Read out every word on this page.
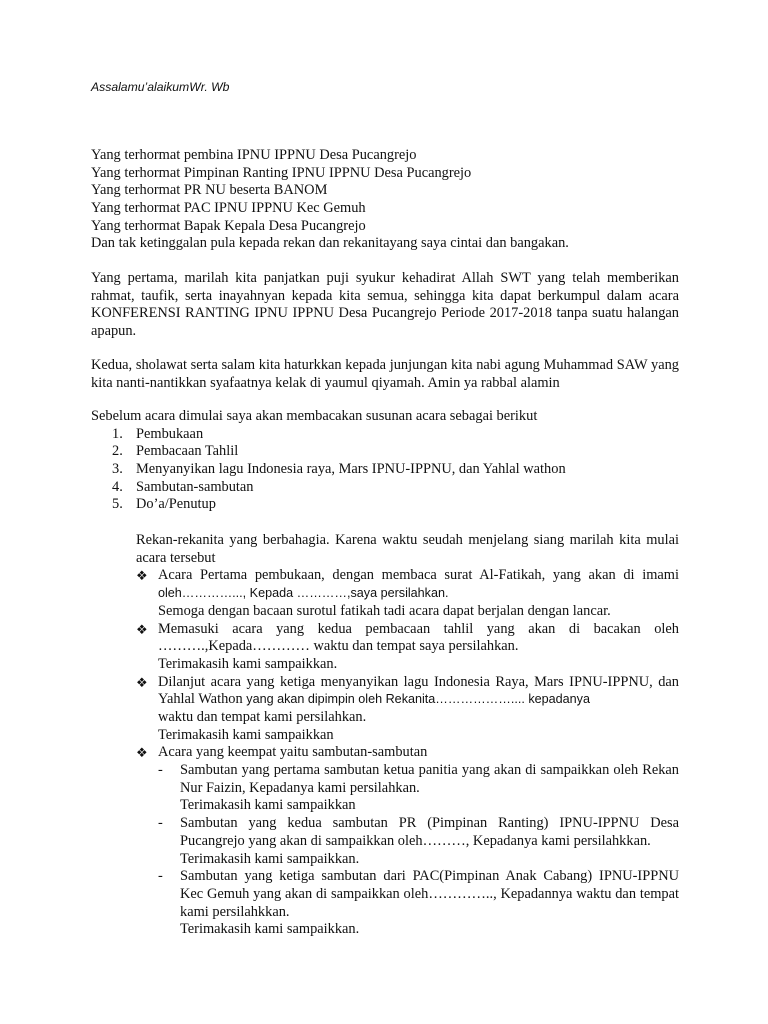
Assalamu’alaikumWr. Wb

Yang terhormat pembina IPNU IPPNU Desa Pucangrejo
Yang terhormat Pimpinan Ranting IPNU IPPNU Desa Pucangrejo
Yang terhormat PR NU beserta BANOM
Yang terhormat PAC IPNU IPPNU Kec Gemuh
Yang terhormat Bapak Kepala Desa Pucangrejo
Dan tak ketinggalan pula kepada rekan dan rekanitayang saya cintai dan bangakan.

Yang pertama, marilah kita panjatkan puji syukur kehadirat Allah SWT yang telah memberikan rahmat, taufik, serta inayahnyan kepada kita semua, sehingga kita dapat berkumpul dalam acara KONFERENSI RANTING IPNU IPPNU Desa Pucangrejo Periode 2017-2018 tanpa suatu halangan apapun.

Kedua, sholawat serta salam kita haturkkan kepada junjungan kita nabi agung Muhammad SAW yang kita nanti-nantikkan syafaatnya kelak di yaumul qiyamah. Amin ya rabbal alamin

Sebelum acara dimulai saya akan membacakan susunan acara sebagai berikut
1. Pembukaan
2. Pembacaan Tahlil
3. Menyanyikan lagu Indonesia raya, Mars IPNU-IPPNU, dan Yahlal wathon
4. Sambutan-sambutan
5. Do’a/Penutup

Rekan-rekanita yang berbahagia. Karena waktu seudah menjelang siang marilah kita mulai acara tersebut

❖ Acara Pertama pembukaan, dengan membaca surat Al-Fatikah, yang akan di imami oleh…………..., Kepada …………,saya persilahkan.

Semoga dengan bacaan surotul fatikah tadi acara dapat berjalan dengan lancar.
❖ Memasuki acara yang kedua pembacaan tahlil yang akan di bacakan oleh ……….,Kepada………… waktu dan tempat saya persilahkan.

Terimakasih kami sampaikkan.
❖ Dilanjut acara yang ketiga menyanyikan lagu Indonesia Raya, Mars IPNU-IPPNU, dan Yahlal Wathon yang akan dipimpin oleh Rekanita……………….... kepadanya

waktu dan tempat kami persilahkan.
Terimakasih kami sampaikkan
❖ Acara yang keempat yaitu sambutan-sambutan
- Sambutan yang pertama sambutan ketua panitia yang akan di sampaikkan oleh Rekan Nur Faizin, Kepadanya kami persilahkan.

Terimakasih kami sampaikkan
- Sambutan yang kedua sambutan PR (Pimpinan Ranting) IPNU-IPPNU Desa Pucangrejo yang akan di sampaikkan oleh………, Kepadanya kami persilahkkan.

Terimakasih kami sampaikkan.
- Sambutan yang ketiga sambutan dari PAC(Pimpinan Anak Cabang) IPNU-IPPNU Kec Gemuh yang akan di sampaikkan oleh………….., Kepadannya waktu dan tempat kami persilahkkan.

Terimakasih kami sampaikkan.
